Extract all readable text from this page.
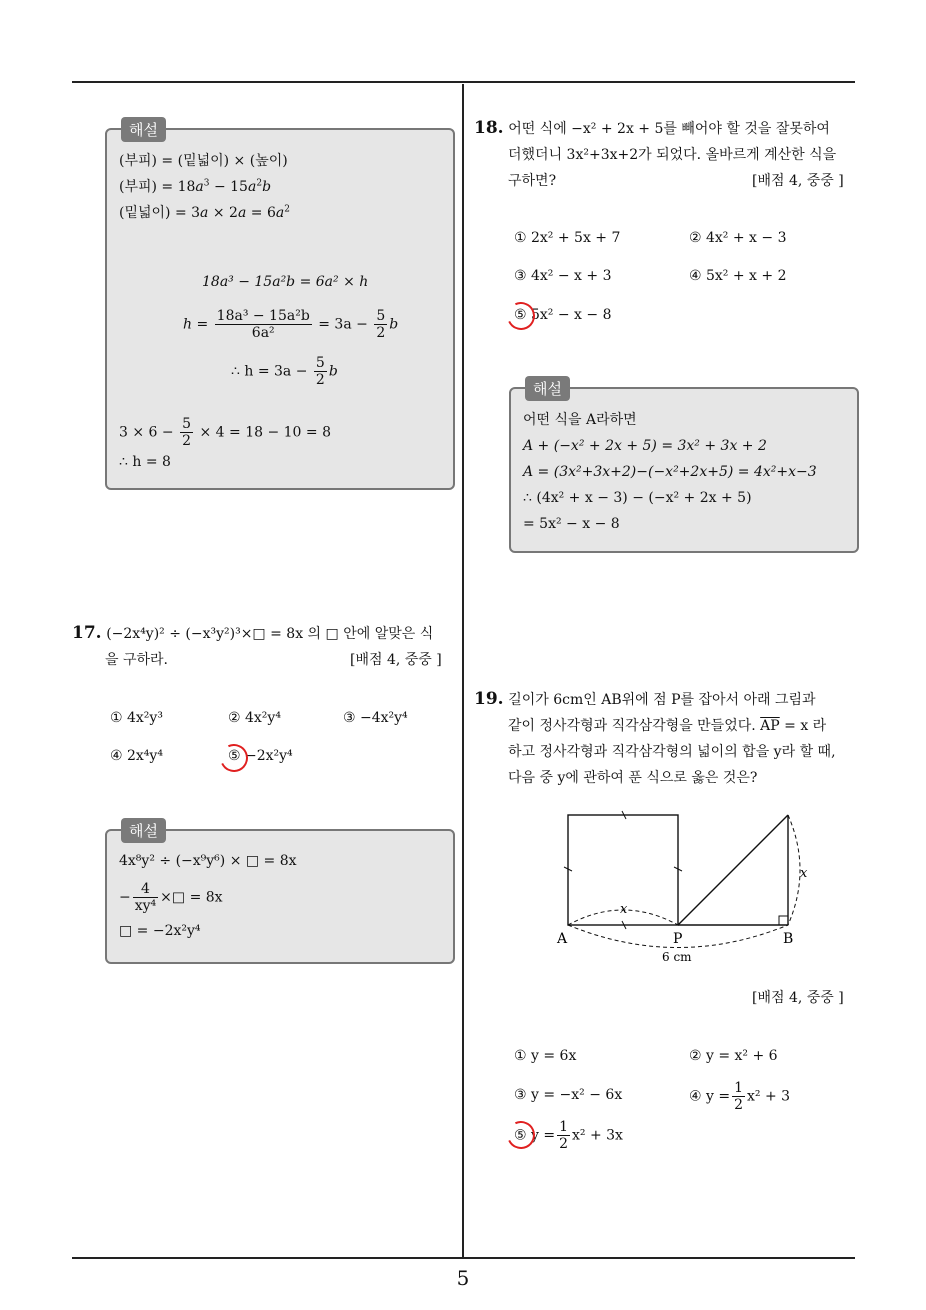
5
해설
(부피) = (밑넓이) × (높이)
(부피) = $18a^3 - 15a^2b$
(밑넓이) = $3a \times 2a = 6a^2$
18a³ − 15a²b = 6a² × h
$h = \frac{\text{18a³ − 15a²b}}{\text{6a²}} = 3a - \frac{5}{2}$ b
∴ $h = 3a - \frac{5}{2}$ b
$3 \times 6 - \frac{5}{2} \times 4 = 18 - 10 = 8$
∴ h = 8
17. (−2x⁴y)² ÷ (−x³y²)³×□ = 8x 의 □ 안에 알맞은 식
을 구하라.	[배점 4, 중중 ]
① 4x²y³	② 4x²y⁴	③ −4x²y⁴
④ 2x⁴y⁴	⑤ −2x²y⁴
해설
4x⁸y² ÷ (−x⁹y⁶) × □ = 8x
− $\frac{4}{\text{xy⁴}}$ ×□ = 8x
□ = −2x²y⁴
18. 어떤 식에 −x² + 2x + 5를 빼어야 할 것을 잘못하여
더했더니 3x²+3x+2가 되었다. 올바르게 계산한 식을
구하면?	[배점 4, 중중 ]
① 2x² + 5x + 7	② 4x² + x − 3
③ 4x² − x + 3	④ 5x² + x + 2
⑤ 5x² − x − 8
해설
어떤 식을 A라하면
A + (−x² + 2x + 5) = 3x² + 3x + 2
A = (3x²+3x+2)−(−x²+2x+5) = 4x²+x−3
∴ (4x² + x − 3) − (−x² + 2x + 5)
= 5x² − x − 8
19. 길이가 6cm인 AB위에 점 P를 잡아서 아래 그림과
같이 정사각형과 직각삼각형을 만들었다. $\overline{AP} = x$ 라
하고 정사각형과 직각삼각형의 넓이의 합을 y라 할 때,
다음 중 y에 관하여 푼 식으로 옳은 것은?
A	P	B
x
x
6 cm
[배점 4, 중중 ]
① y = 6x	② y = x² + 6
③ y = −x² − 6x	④ $y = \frac{1}{2} x^2 + 3$
⑤ $y = \frac{1}{2} x^2 + 3x$
